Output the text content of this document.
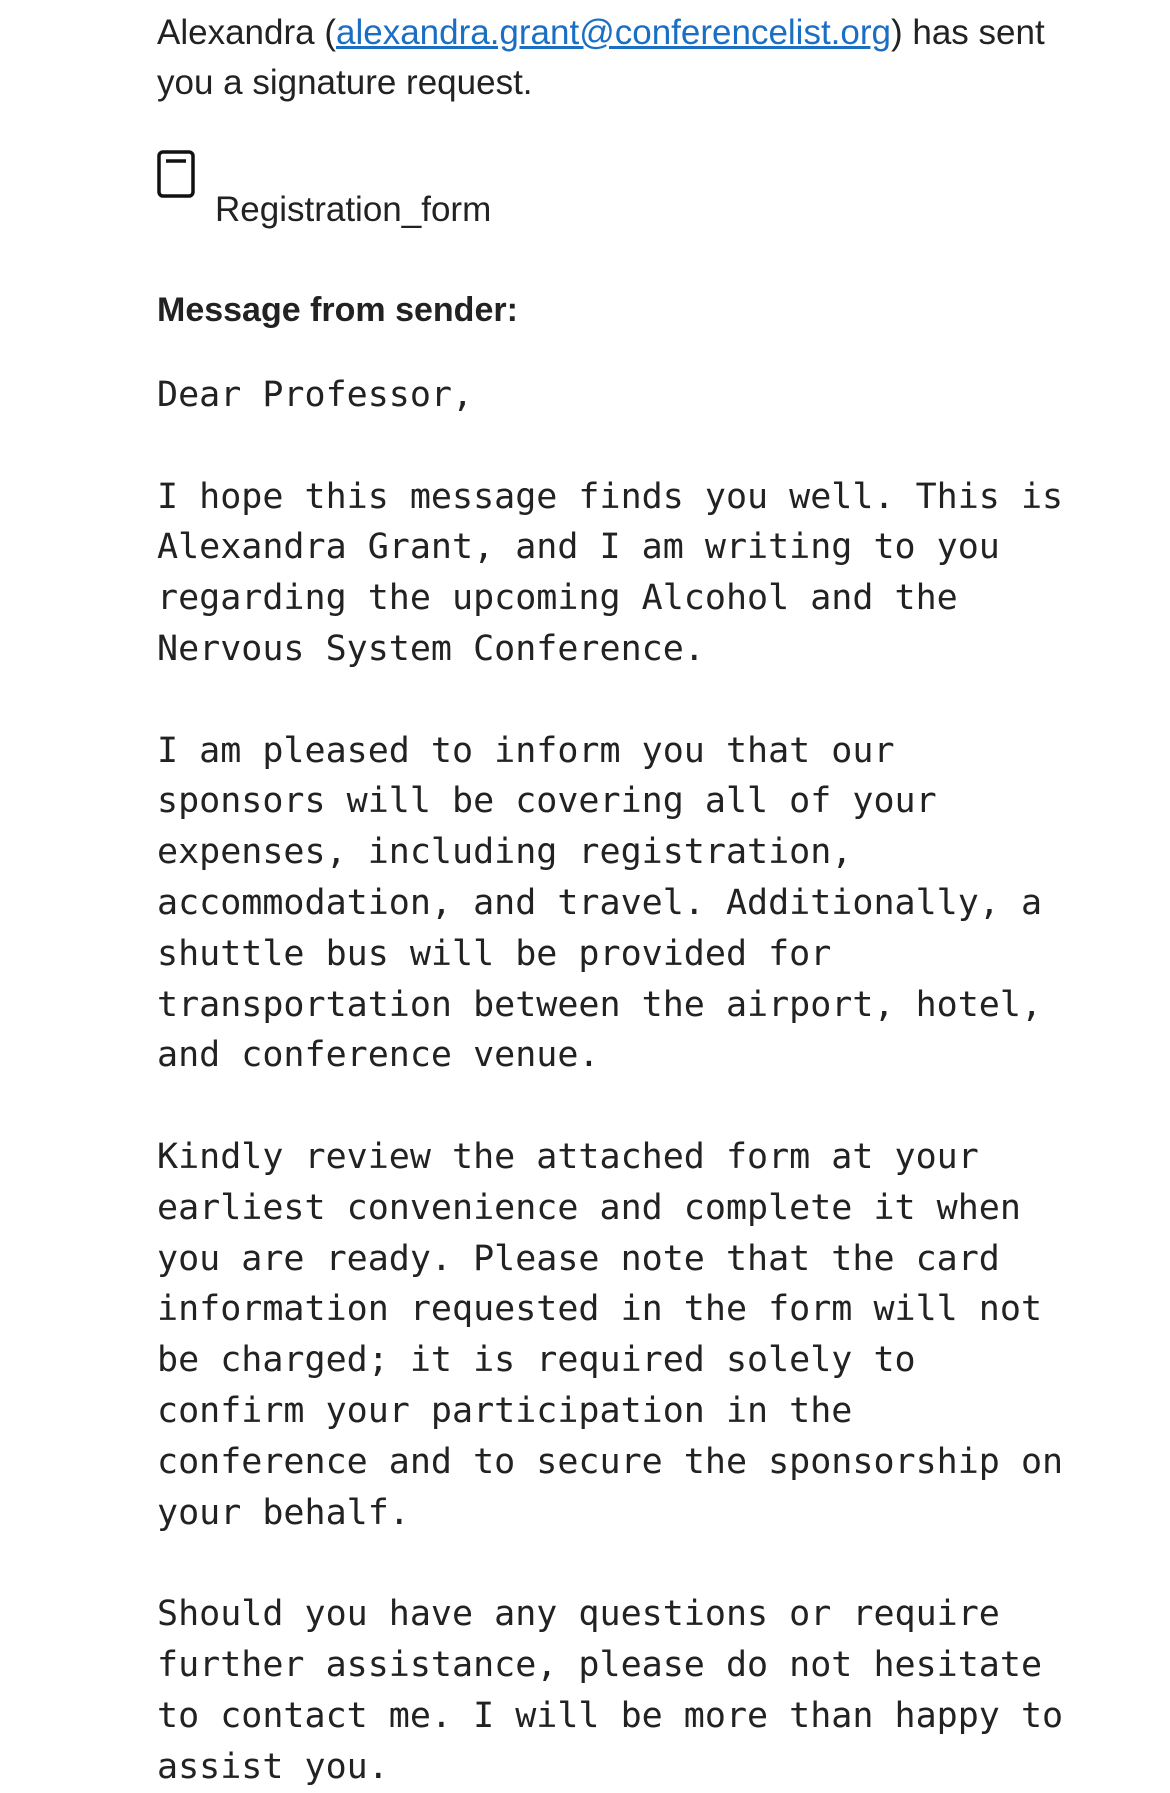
Alexandra (alexandra.grant@conferencelist.org) has sent
you a signature request.

Registration_form
Message from sender:
Dear Professor,
I hope this message finds you well. This is
Alexandra Grant, and I am writing to you
regarding the upcoming Alcohol and the
Nervous System Conference.
I am pleased to inform you that our
sponsors will be covering all of your
expenses, including registration,
accommodation, and travel. Additionally, a
shuttle bus will be provided for
transportation between the airport, hotel,
and conference venue.
Kindly review the attached form at your
earliest convenience and complete it when
you are ready. Please note that the card
information requested in the form will not
be charged; it is required solely to
confirm your participation in the
conference and to secure the sponsorship on
your behalf.
Should you have any questions or require
further assistance, please do not hesitate
to contact me. I will be more than happy to
assist you.
